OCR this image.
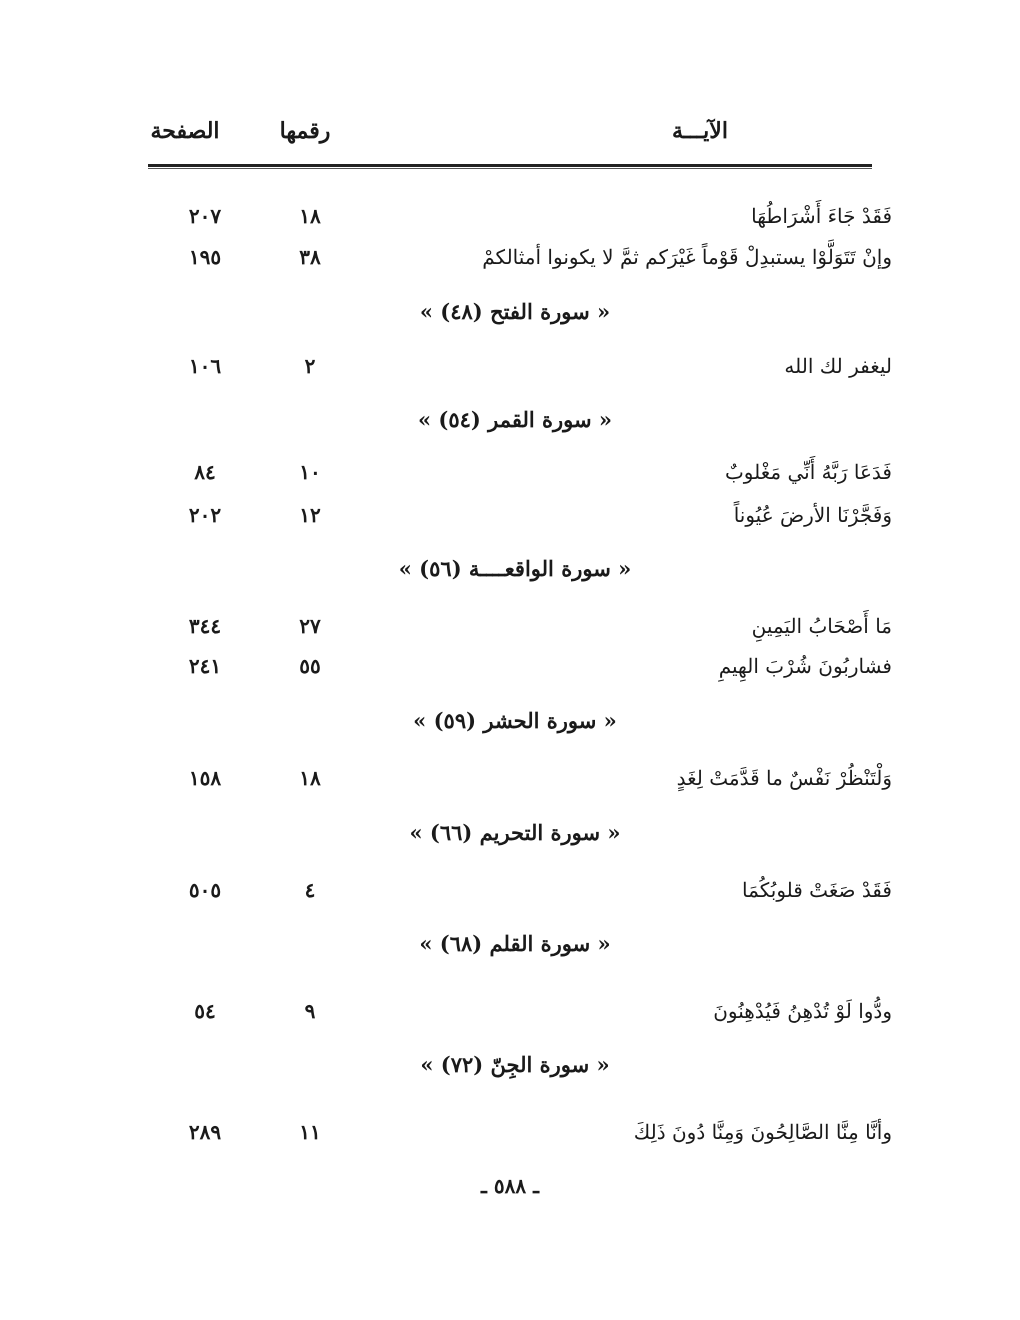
الآيـــة
رقمها
الصفحة
فَقَدْ جَاءَ أَشْرَاطُهَا
١٨
٢٠٧
وإنْ تَتَوَلَّوْا يستبدِلْ قَوْماً غَيْرَكم ثمَّ لا يكونوا أمثالكمْ
٣٨
١٩٥
« سورة الفتح (٤٨) »
ليغفر لك الله
٢
١٠٦
« سورة القمر (٥٤) »
فَدَعَا رَبَّهُ أَنِّي مَغْلوبٌ
١٠
٨٤
وَفَجَّرْنَا الأرضَ عُيُوناً
١٢
٢٠٢
« سورة الواقعــــة (٥٦) »
مَا أَصْحَابُ اليَمِينِ
٢٧
٣٤٤
فشاربُونَ شُرْبَ الهِيمِ
٥٥
٢٤١
« سورة الحشر (٥٩) »
وَلْتَنْظُرْ نَفْسٌ ما قَدَّمَتْ لِغَدٍ
١٨
١٥٨
« سورة التحريم (٦٦) »
فَقَدْ صَغَتْ قلوبُكُمَا
٤
٥٠٥
« سورة القلم (٦٨) »
ودُّوا لَوْ تُدْهِنُ فَيُدْهِنُونَ
٩
٥٤
« سورة الجِنّ (٧٢) »
وأنَّا مِنَّا الصَّالِحُونَ وَمِنَّا دُونَ ذَلِكَ
١١
٢٨٩
ـ ٥٨٨ ـ
